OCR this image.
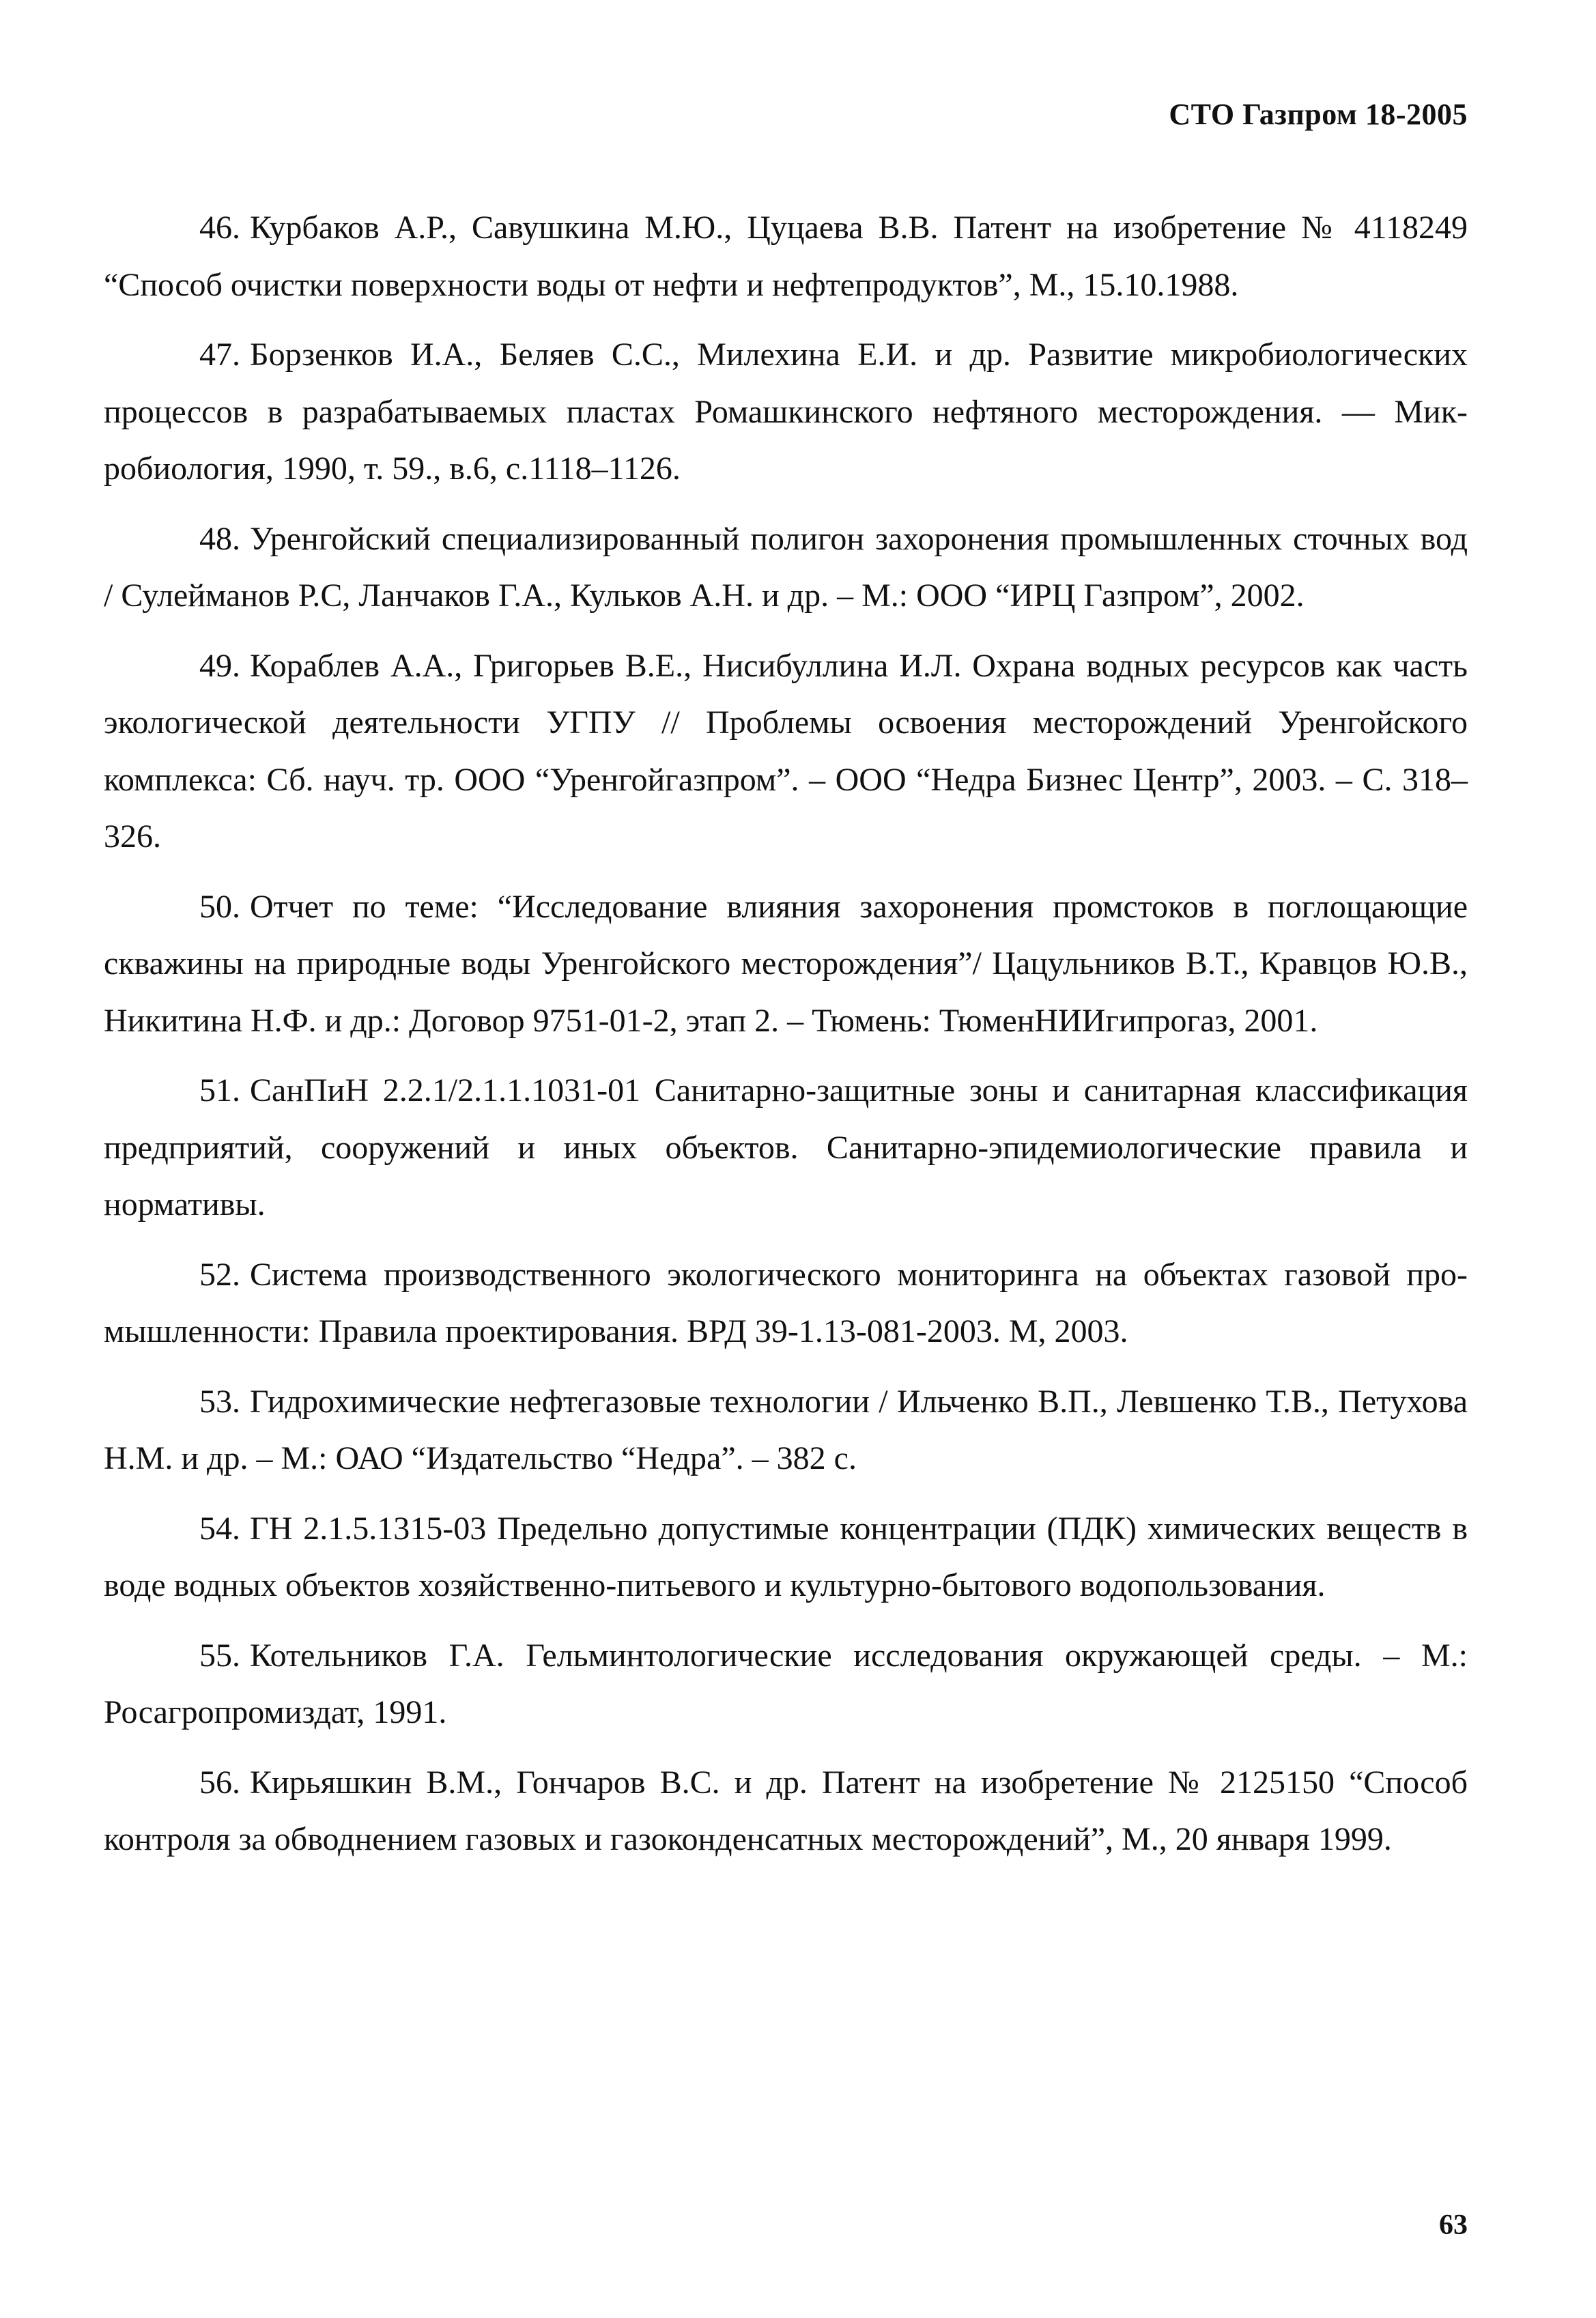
СТО Газпром 18-2005
46. Курбаков А.Р., Савушкина М.Ю., Цуцаева В.В. Патент на изобретение № 4118249 “Способ очистки поверхности воды от нефти и нефтепродуктов”, М., 15.10.1988.
47. Борзенков И.А., Беляев С.С., Милехина Е.И. и др. Развитие микробиологических процессов в разрабатываемых пластах Ромашкинского нефтяного месторождения. — Микробиология, 1990, т. 59., в.6, с.1118–1126.
48. Уренгойский специализированный полигон захоронения промышленных сточных вод / Сулейманов Р.С, Ланчаков Г.А., Кульков А.Н. и др. – М.: ООО “ИРЦ Газпром”, 2002.
49. Кораблев А.А., Григорьев В.Е., Нисибуллина И.Л. Охрана водных ресурсов как часть экологической деятельности УГПУ // Проблемы освоения месторождений Уренгойского комплекса: Сб. науч. тр. ООО “Уренгойгазпром”. – ООО “Недра Бизнес Центр”, 2003. – С. 318–326.
50. Отчет по теме: “Исследование влияния захоронения промстоков в поглощающие скважины на природные воды Уренгойского месторождения”/ Цацульников В.Т., Кравцов Ю.В., Никитина Н.Ф. и др.: Договор 9751-01-2, этап 2. – Тюмень: ТюменНИИгипрогаз, 2001.
51. СанПиН 2.2.1/2.1.1.1031-01 Санитарно-защитные зоны и санитарная классификация предприятий, сооружений и иных объектов. Санитарно-эпидемиологические правила и нормативы.
52. Система производственного экологического мониторинга на объектах газовой промышленности: Правила проектирования. ВРД 39-1.13-081-2003. М, 2003.
53. Гидрохимические нефтегазовые технологии / Ильченко В.П., Левшенко Т.В., Петухова Н.М. и др. – М.: ОАО “Издательство “Недра”. – 382 с.
54. ГН 2.1.5.1315-03 Предельно допустимые концентрации (ПДК) химических веществ в воде водных объектов хозяйственно-питьевого и культурно-бытового водопользования.
55. Котельников Г.А. Гельминтологические исследования окружающей среды. – М.: Росагропромиздат, 1991.
56. Кирьяшкин В.М., Гончаров В.С. и др. Патент на изобретение № 2125150 “Способ контроля за обводнением газовых и газоконденсатных месторождений”, М., 20 января 1999.
63
